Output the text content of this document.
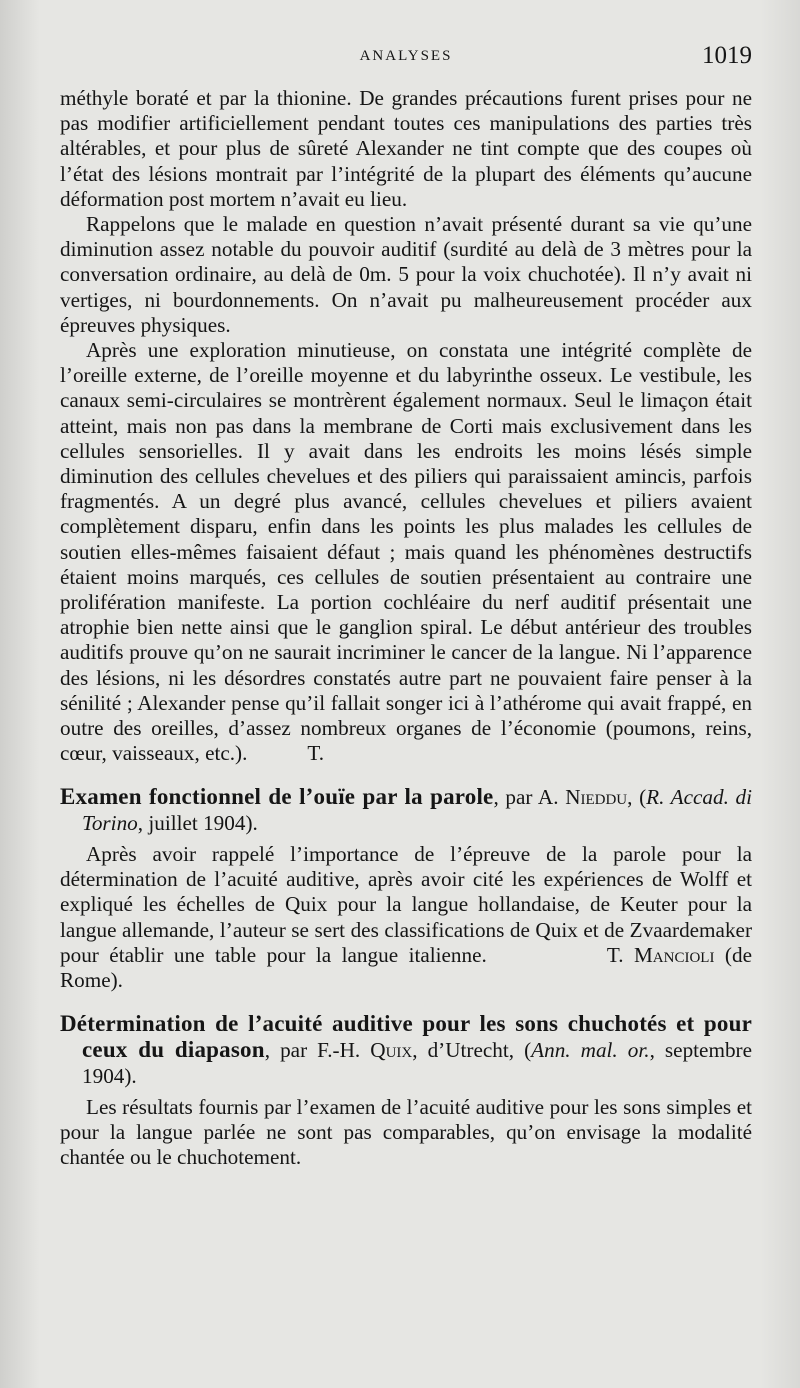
ANALYSES	1019

méthyle boraté et par la thionine. De grandes précautions furent prises pour ne pas modifier artificiellement pendant toutes ces manipulations des parties très altérables, et pour plus de sûreté Alexander ne tint compte que des coupes où l’état des lésions montrait par l’intégrité de la plupart des éléments qu’aucune déformation post mortem n’avait eu lieu.

Rappelons que le malade en question n’avait présenté durant sa vie qu’une diminution assez notable du pouvoir auditif (surdité au delà de 3 mètres pour la conversation ordinaire, au delà de 0m. 5 pour la voix chuchotée). Il n’y avait ni vertiges, ni bourdonnements. On n’avait pu malheureusement procéder aux épreuves physiques.

Après une exploration minutieuse, on constata une intégrité complète de l’oreille externe, de l’oreille moyenne et du labyrinthe osseux. Le vestibule, les canaux semi-circulaires se montrèrent également normaux. Seul le limaçon était atteint, mais non pas dans la membrane de Corti mais exclusivement dans les cellules sensorielles. Il y avait dans les endroits les moins lésés simple diminution des cellules chevelues et des piliers qui paraissaient amincis, parfois fragmentés. A un degré plus avancé, cellules chevelues et piliers avaient complètement disparu, enfin dans les points les plus malades les cellules de soutien elles-mêmes faisaient défaut ; mais quand les phénomènes destructifs étaient moins marqués, ces cellules de soutien présentaient au contraire une prolifération manifeste. La portion cochléaire du nerf auditif présentait une atrophie bien nette ainsi que le ganglion spiral. Le début antérieur des troubles auditifs prouve qu’on ne saurait incriminer le cancer de la langue. Ni l’apparence des lésions, ni les désordres constatés autre part ne pouvaient faire penser à la sénilité ; Alexander pense qu’il fallait songer ici à l’athérome qui avait frappé, en outre des oreilles, d’assez nombreux organes de l’économie (poumons, reins, cœur, vaisseaux, etc.).	T.

Examen fonctionnel de l’ouïe par la parole, par A. Nieddu, (R. Accad. di Torino, juillet 1904).

Après avoir rappelé l’importance de l’épreuve de la parole pour la détermination de l’acuité auditive, après avoir cité les expériences de Wolff et expliqué les échelles de Quix pour la langue hollandaise, de Keuter pour la langue allemande, l’auteur se sert des classifications de Quix et de Zvaardemaker pour établir une table pour la langue italienne.	T. Mancioli (de Rome).

Détermination de l’acuité auditive pour les sons chuchotés et pour ceux du diapason, par F.-H. Quix, d’Utrecht, (Ann. mal. or., septembre 1904).

Les résultats fournis par l’examen de l’acuité auditive pour les sons simples et pour la langue parlée ne sont pas comparables, qu’on envisage la modalité chantée ou le chuchotement.
